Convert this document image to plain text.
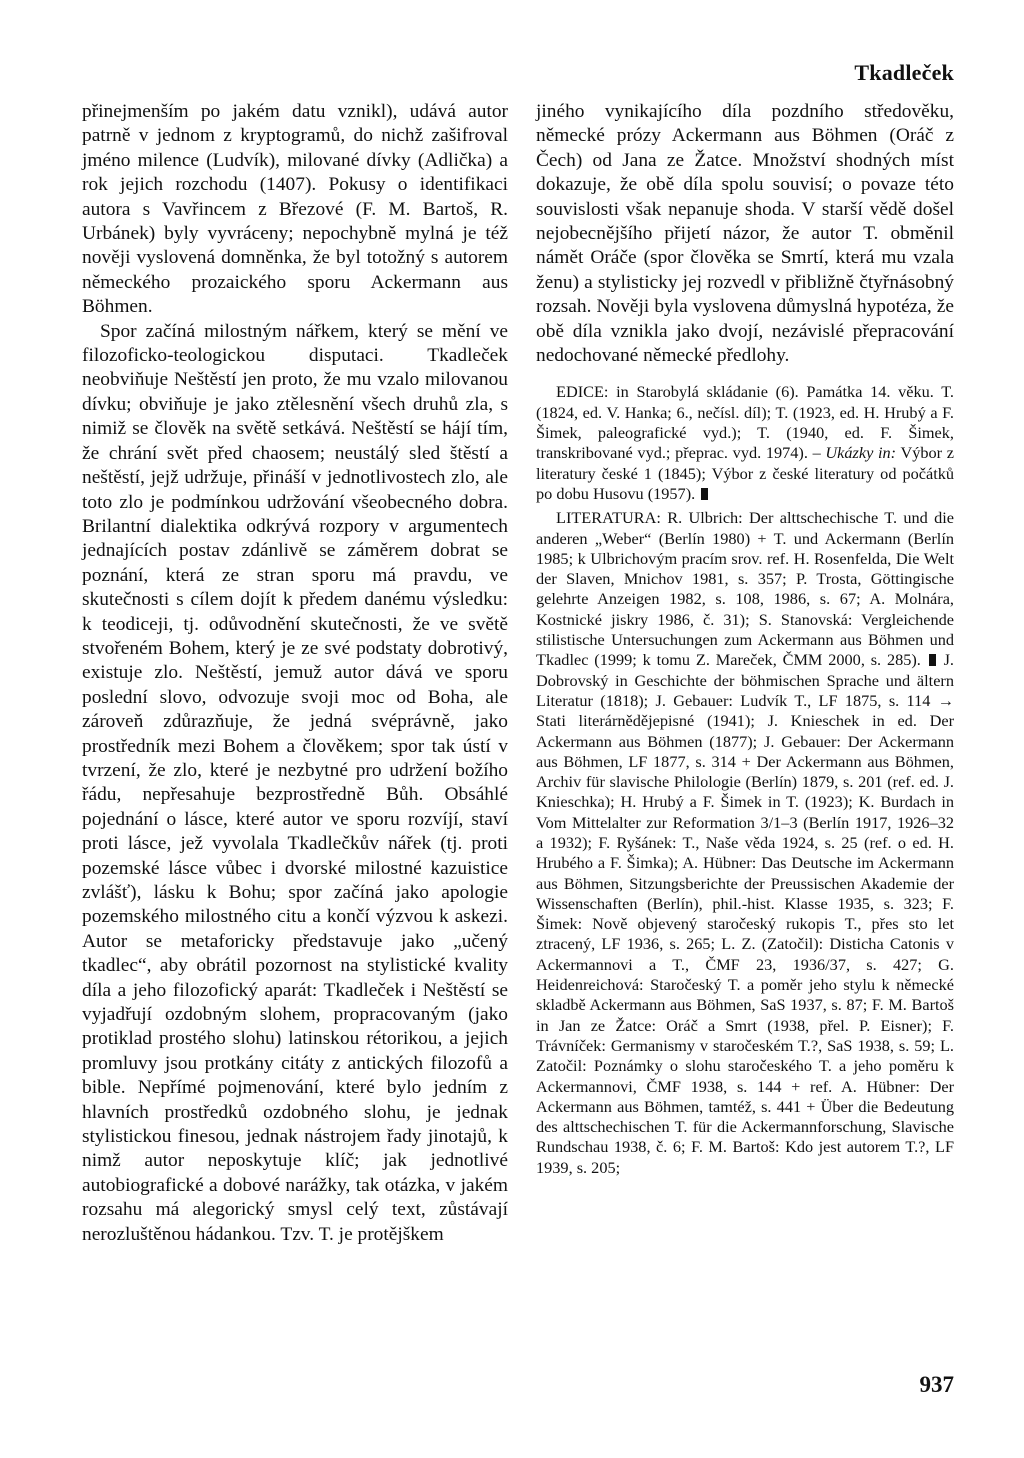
Tkadleček

přinejmenším po jakém datu vznikl), udává autor patrně v jednom z kryptogramů, do nichž zašifroval jméno milence (Ludvík), milované dívky (Adlička) a rok jejich rozchodu (1407). Pokusy o identifikaci autora s Vavřincem z Březové (F. M. Bartoš, R. Urbánek) byly vyvráceny; nepochybně mylná je též nověji vyslovená domněnka, že byl totožný s autorem německého prozaického sporu Ackermann aus Böhmen.

Spor začíná milostným nářkem, který se mění ve filozoficko-teologickou disputaci. Tkadleček neobviňuje Neštěstí jen proto, že mu vzalo milovanou dívku; obviňuje je jako ztělesnění všech druhů zla, s nimiž se člověk na světě setkává. Neštěstí se hájí tím, že chrání svět před chaosem; neustálý sled štěstí a neštěstí, jejž udržuje, přináší v jednotlivostech zlo, ale toto zlo je podmínkou udržování všeobecného dobra. Brilantní dialektika odkrývá rozpory v argumentech jednajících postav zdánlivě se záměrem dobrat se poznání, která ze stran sporu má pravdu, ve skutečnosti s cílem dojít k předem danému výsledku: k teodiceji, tj. odůvodnění skutečnosti, že ve světě stvořeném Bohem, který je ze své podstaty dobrotivý, existuje zlo. Neštěstí, jemuž autor dává ve sporu poslední slovo, odvozuje svoji moc od Boha, ale zároveň zdůrazňuje, že jedná svéprávně, jako prostředník mezi Bohem a člověkem; spor tak ústí v tvrzení, že zlo, které je nezbytné pro udržení božího řádu, nepřesahuje bezprostředně Bůh. Obsáhlé pojednání o lásce, které autor ve sporu rozvíjí, staví proti lásce, jež vyvolala Tkadlečkův nářek (tj. proti pozemské lásce vůbec i dvorské milostné kazuistice zvlášť), lásku k Bohu; spor začíná jako apologie pozemského milostného citu a končí výzvou k askezi. Autor se metaforicky představuje jako „učený tkadlec“, aby obrátil pozornost na stylistické kvality díla a jeho filozofický aparát: Tkadleček i Neštěstí se vyjadřují ozdobným slohem, propracovaným (jako protiklad prostého slohu) latinskou rétorikou, a jejich promluvy jsou protkány citáty z antických filozofů a bible. Nepřímé pojmenování, které bylo jedním z hlavních prostředků ozdobného slohu, je jednak stylistickou finesou, jednak nástrojem řady jinotajů, k nimž autor neposkytuje klíč; jak jednotlivé autobiografické a dobové narážky, tak otázka, v jakém rozsahu má alegorický smysl celý text, zůstávají nerozluštěnou hádankou. Tzv. T. je protějškem

jiného vynikajícího díla pozdního středověku, německé prózy Ackermann aus Böhmen (Oráč z Čech) od Jana ze Žatce. Množství shodných míst dokazuje, že obě díla spolu souvisí; o povaze této souvislosti však nepanuje shoda. V starší vědě došel nejobecnějšího přijetí názor, že autor T. obměnil námět Oráče (spor člověka se Smrtí, která mu vzala ženu) a stylisticky jej rozvedl v přibližně čtyřnásobný rozsah. Nověji byla vyslovena důmyslná hypotéza, že obě díla vznikla jako dvojí, nezávislé přepracování nedochované německé předlohy.

EDICE: in Starobylá skládanie (6). Památka 14. věku. T. (1824, ed. V. Hanka; 6., nečísl. díl); T. (1923, ed. H. Hrubý a F. Šimek, paleografické vyd.); T. (1940, ed. F. Šimek, transkribované vyd.; přeprac. vyd. 1974). – Ukázky in: Výbor z literatury české 1 (1845); Výbor z české literatury od počátků po dobu Husovu (1957).

LITERATURA: R. Ulbrich: Der alttschechische T. und die anderen „Weber“ (Berlín 1980) + T. und Ackermann (Berlín 1985; k Ulbrichovým pracím srov. ref. H. Rosenfelda, Die Welt der Slaven, Mnichov 1981, s. 357; P. Trosta, Göttingische gelehrte Anzeigen 1982, s. 108, 1986, s. 67; A. Molnára, Kostnické jiskry 1986, č. 31); S. Stanovská: Vergleichende stilistische Untersuchungen zum Ackermann aus Böhmen und Tkadlec (1999; k tomu Z. Mareček, ČMM 2000, s. 285). J. Dobrovský in Geschichte der böhmischen Sprache und ältern Literatur (1818); J. Gebauer: Ludvík T., LF 1875, s. 114 → Stati literárnědějepisné (1941); J. Knieschek in ed. Der Ackermann aus Böhmen (1877); J. Gebauer: Der Ackermann aus Böhmen, LF 1877, s. 314 + Der Ackermann aus Böhmen, Archiv für slavische Philologie (Berlín) 1879, s. 201 (ref. ed. J. Knieschka); H. Hrubý a F. Šimek in T. (1923); K. Burdach in Vom Mittelalter zur Reformation 3/1–3 (Berlín 1917, 1926–32 a 1932); F. Ryšánek: T., Naše věda 1924, s. 25 (ref. o ed. H. Hrubého a F. Šimka); A. Hübner: Das Deutsche im Ackermann aus Böhmen, Sitzungsberichte der Preussischen Akademie der Wissenschaften (Berlín), phil.-hist. Klasse 1935, s. 323; F. Šimek: Nově objevený staročeský rukopis T., přes sto let ztracený, LF 1936, s. 265; L. Z. (Zatočil): Disticha Catonis v Ackermannovi a T., ČMF 23, 1936/37, s. 427; G. Heidenreichová: Staročeský T. a poměr jeho stylu k německé skladbě Ackermann aus Böhmen, SaS 1937, s. 87; F. M. Bartoš in Jan ze Žatce: Oráč a Smrt (1938, přel. P. Eisner); F. Trávníček: Germanismy v staročeském T.?, SaS 1938, s. 59; L. Zatočil: Poznámky o slohu staročeského T. a jeho poměru k Ackermannovi, ČMF 1938, s. 144 + ref. A. Hübner: Der Ackermann aus Böhmen, tamtéž, s. 441 + Über die Bedeutung des alttschechischen T. für die Ackermannforschung, Slavische Rundschau 1938, č. 6; F. M. Bartoš: Kdo jest autorem T.?, LF 1939, s. 205;

937
